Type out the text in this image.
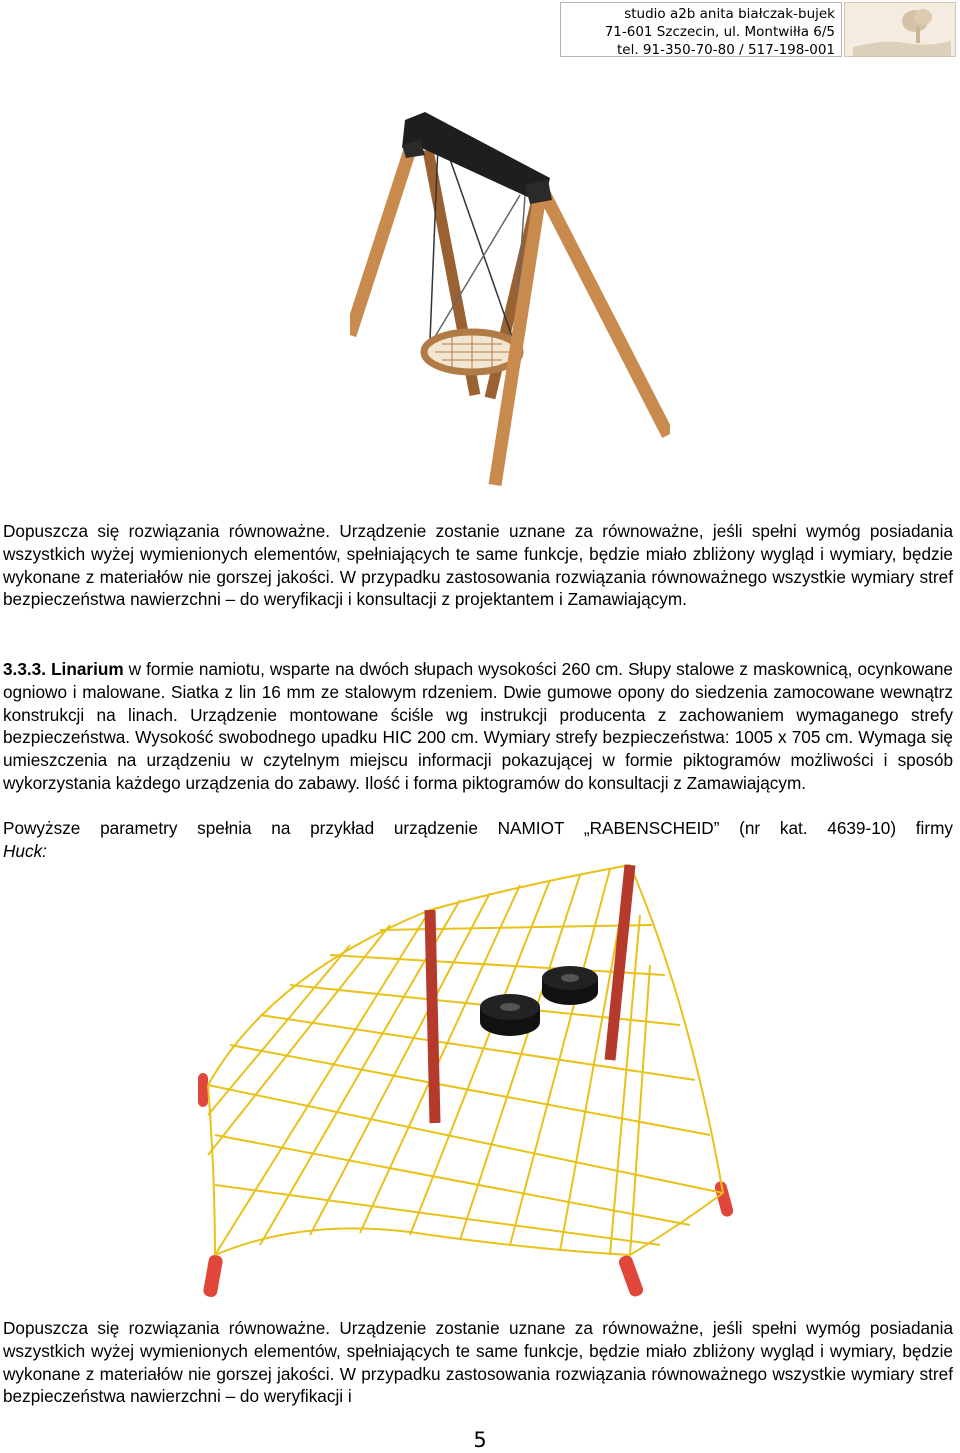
studio a2b anita białczak-bujek
71-601 Szczecin, ul. Montwiłła 6/5
tel. 91-350-70-80 / 517-198-001

Dopuszcza się rozwiązania równoważne. Urządzenie zostanie uznane za równoważne, jeśli spełni wymóg posiadania wszystkich wyżej wymienionych elementów, spełniających te same funkcje, będzie miało zbliżony wygląd i wymiary, będzie wykonane z materiałów nie gorszej jakości. W przypadku zastosowania rozwiązania równoważnego wszystkie wymiary stref bezpieczeństwa nawierzchni – do weryfikacji i konsultacji z projektantem i Zamawiającym.

3.3.3. Linarium w formie namiotu, wsparte na dwóch słupach wysokości 260 cm. Słupy stalowe z maskownicą, ocynkowane ogniowo i malowane. Siatka z lin 16 mm ze stalowym rdzeniem. Dwie gumowe opony do siedzenia zamocowane wewnątrz konstrukcji na linach. Urządzenie montowane ściśle wg instrukcji producenta z zachowaniem wymaganego strefy bezpieczeństwa. Wysokość swobodnego upadku HIC 200 cm. Wymiary strefy bezpieczeństwa: 1005 x 705 cm. Wymaga się umieszczenia na urządzeniu w czytelnym miejscu informacji pokazującej w formie piktogramów możliwości i sposób wykorzystania każdego urządzenia do zabawy. Ilość i forma piktogramów do konsultacji z Zamawiającym.

Powyższe parametry spełnia na przykład urządzenie NAMIOT „RABENSCHEID” (nr kat. 4639-10) firmy

Huck:

Dopuszcza się rozwiązania równoważne. Urządzenie zostanie uznane za równoważne, jeśli spełni wymóg posiadania wszystkich wyżej wymienionych elementów, spełniających te same funkcje, będzie miało zbliżony wygląd i wymiary, będzie wykonane z materiałów nie gorszej jakości. W przypadku zastosowania rozwiązania równoważnego wszystkie wymiary stref bezpieczeństwa nawierzchni – do weryfikacji i

5
